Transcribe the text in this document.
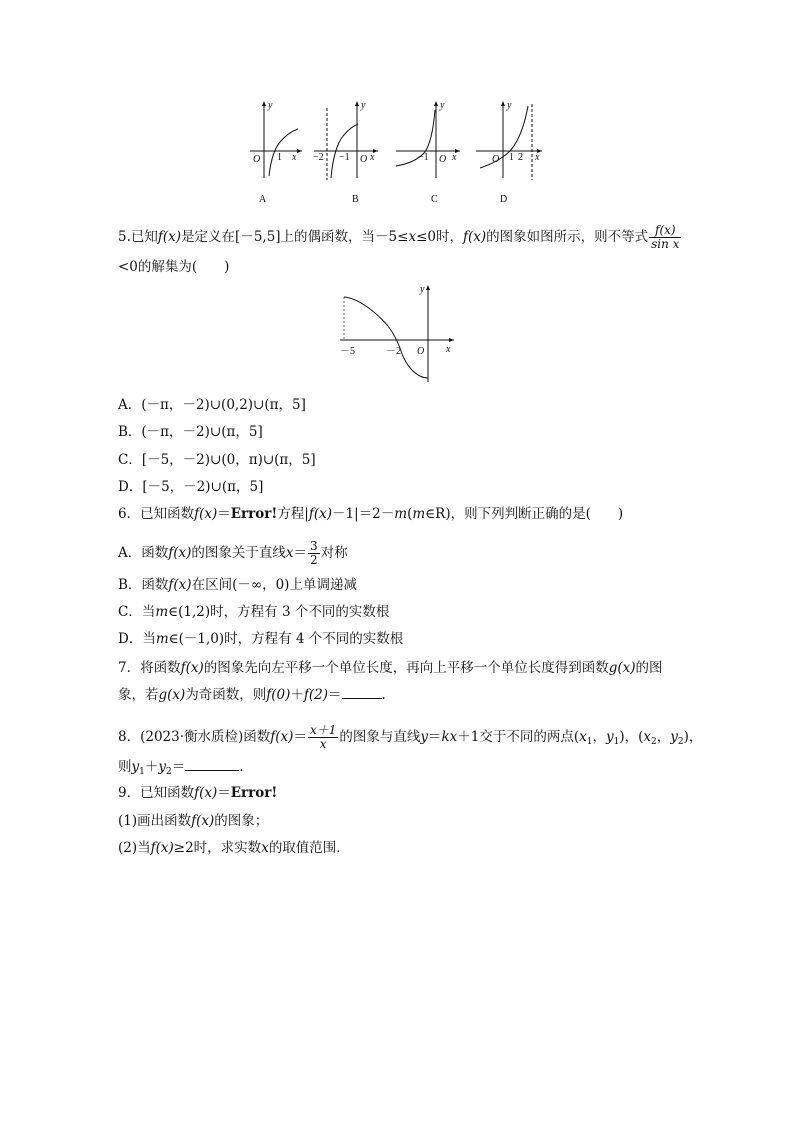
y
x
O 1
A
y
x
O
−2 −1
B
y
x
O
−1
C
y
x
O 1 2
D
5.已知f(x)是定义在[－5,5]上的偶函数，当－5≤x≤0时，f(x)的图象如图所示，则不等式 $\frac{f(x)}{\text{sin x}}$
<0的解集为(　　)
y
x
O
－5	－2
A．(－π，－2)∪(0,2)∪(π，5]
B．(－π，－2)∪(π，5]
C．[－5，－2)∪(0，π)∪(π，5]
D．[－5，－2)∪(π，5]
6．已知函数f(x)＝Error!方程|f(x)－1|＝2－m(m∈R)，则下列判断正确的是(　　)
A．函数f(x)的图象关于直线$x= \frac{3}{2}$ 对称
B．函数f(x)在区间(－∞，0)上单调递减
C．当m∈(1,2)时，方程有 3 个不同的实数根
D．当m∈(－1,0)时，方程有 4 个不同的实数根
7．将函数f(x)的图象先向左平移一个单位长度，再向上平移一个单位长度得到函数g(x)的图
象，若g(x)为奇函数，则f(0)＋f(2)＝	.
8．(2023·衡水质检)函数$f(x)= \frac{x+1}{x}$ 的图象与直线y＝kx＋1交于不同的两点($x_1$，$y_1$)，($x_2$，$y_2$)，
则$y_1+y_2=$	.
9．已知函数f(x)＝Error!
(1)画出函数f(x)的图象；
(2)当f(x)≥2时，求实数x的取值范围．
